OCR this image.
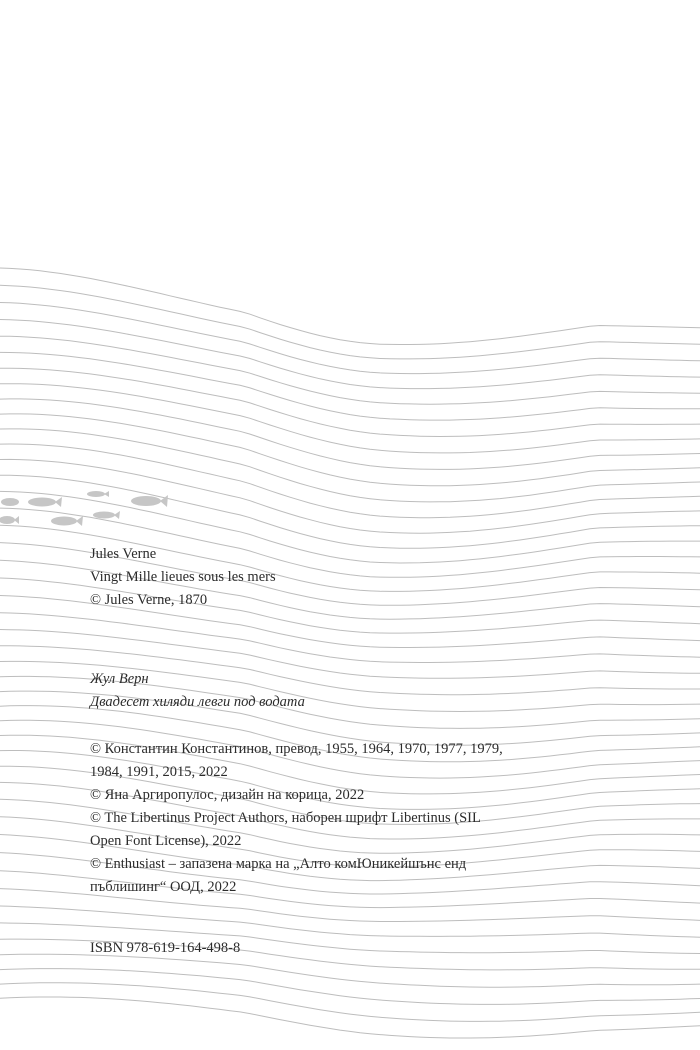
Jules Verne

Vingt Mille lieues sous les mers

© Jules Verne, 1870

Жул Верн

Двадесет хиляди левги под водата

© Константин Константинов, превод, 1955, 1964, 1970, 1977, 1979,
1984, 1991, 2015, 2022

© Яна Аргиропулос, дизайн на корица, 2022

© The Libertinus Project Authors, наборен шрифт Libertinus (SIL
Open Font License), 2022

© Enthusiast – запазена марка на „Алто комЮникейшънс енд
пъблишинг“ ООД, 2022

ISBN 978-619-164-498-8
